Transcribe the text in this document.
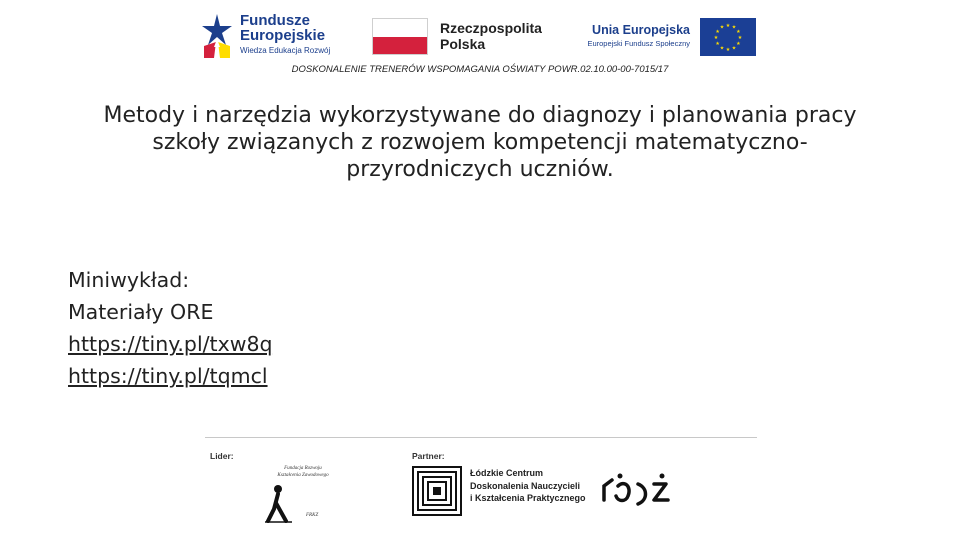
Fundusze
Europejskie
Wiedza Edukacja Rozwój
Rzeczpospolita
Polska
Unia Europejska
Europejski Fundusz Społeczny
★ ★
★
★
★
★
★
★
★
★
★
★
DOSKONALENIE TRENERÓW WSPOMAGANIA OŚWIATY POWR.02.10.00-00-7015/17
Metody i narzędzia wykorzystywane do diagnozy i planowania pracy
szkoły związanych z rozwojem kompetencji matematyczno-
przyrodniczych uczniów.
Miniwykład:
Materiały ORE
https://tiny.pl/txw8q
https://tiny.pl/tqmcl
Lider:	Partner:
Fundacja Rozwoju Kształcenia Zawodowego
FRKZ
Łódzkie Centrum
Doskonalenia Nauczycieli
i Kształcenia Praktycznego
